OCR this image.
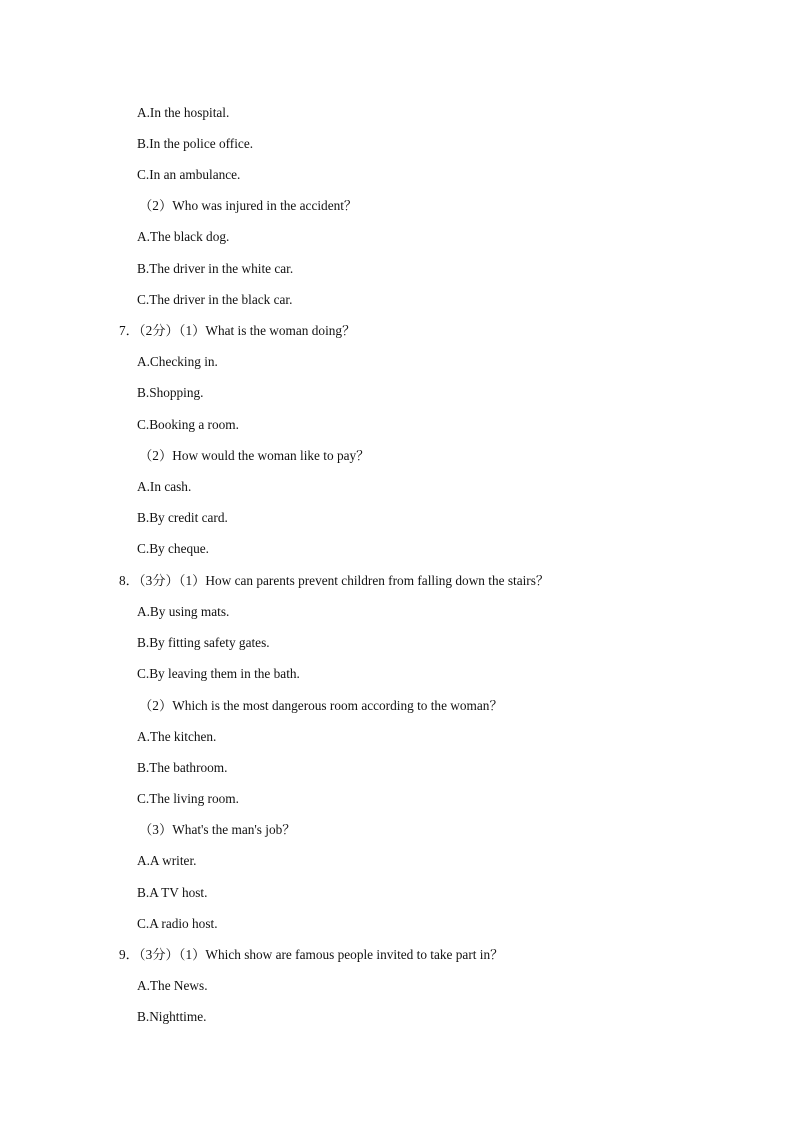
A.In the hospital.
B.In the police office.
C.In an ambulance.
（2）Who was injured in the accident？
A.The black dog.
B.The driver in the white car.
C.The driver in the black car.
7．（2分）（1）What is the woman doing？
A.Checking in.
B.Shopping.
C.Booking a room.
（2）How would the woman like to pay？
A.In cash.
B.By credit card.
C.By cheque.
8．（3分）（1）How can parents prevent children from falling down the stairs？
A.By using mats.
B.By fitting safety gates.
C.By leaving them in the bath.
（2）Which is the most dangerous room according to the woman？
A.The kitchen.
B.The bathroom.
C.The living room.
（3）What's the man's job？
A.A writer.
B.A TV host.
C.A radio host.
9．（3分）（1）Which show are famous people invited to take part in？
A.The News.
B.Nighttime.
